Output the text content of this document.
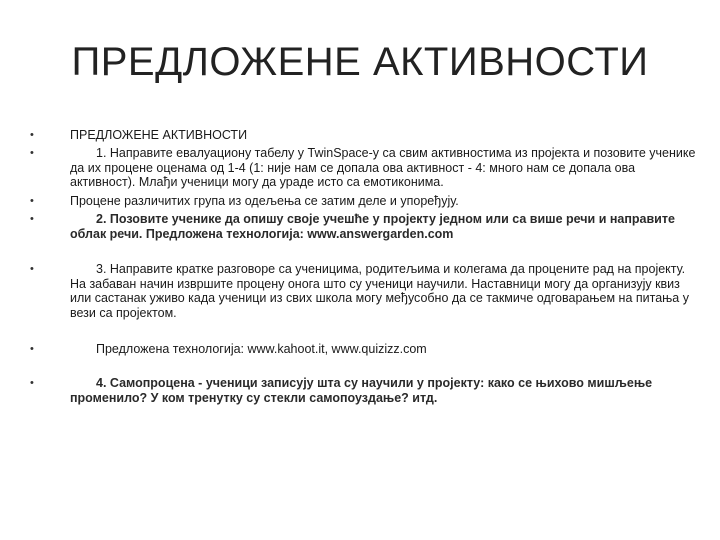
ПРЕДЛОЖЕНЕ АКТИВНОСТИ
•	ПРЕДЛОЖЕНЕ АКТИВНОСТИ
•	1. Направите евалуациону табелу у TwinSpace-у са свим активностима из пројекта и позовите ученике да их процене оценама од 1-4 (1: није нам се допала ова активност - 4: много нам се допала ова активност). Млађи ученици могу да ураде исто са емотиконима.
•	Процене различитих група из одељења се затим деле и упоређују.
•	2. Позовите ученике да опишу своје учешће у пројекту једном или са више речи и направите облак речи. Предложена технологија: www.answergarden.com
•	3. Направите кратке разговоре са ученицима, родитељима и колегама да процените рад на пројекту. На забаван начин извршите процену онога што су ученици научили. Наставници могу да организују квиз или састанак уживо када ученици из свих школа могу међусобно да се такмиче одговарањем на питања у вези са пројектом.
•	Предложена технологија: www.kahoot.it, www.quizizz.com
•	4. Самопроцена - ученици записују шта су научили у пројекту: како се њихово мишљење променило? У ком тренутку су стекли самопоуздање? итд.
